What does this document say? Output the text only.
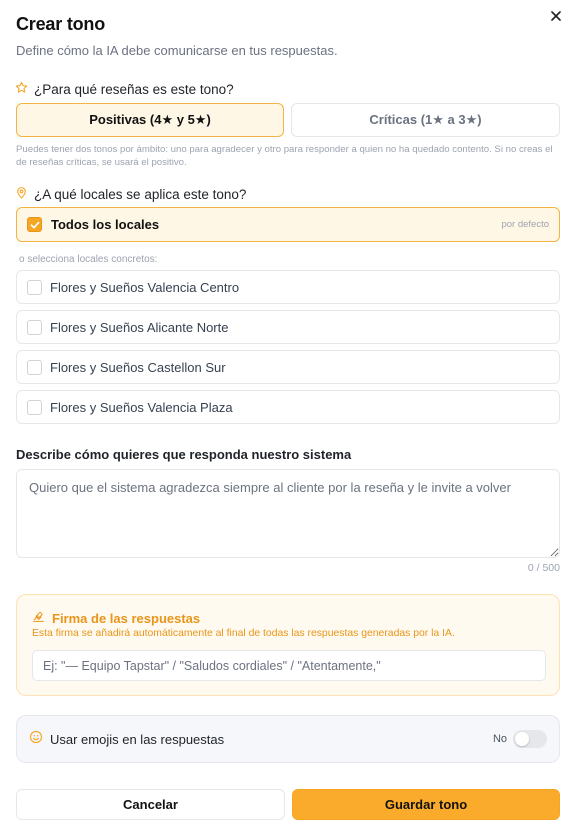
Crear tono
Define cómo la IA debe comunicarse en tus respuestas.
¿Para qué reseñas es este tono?
Positivas (4★ y 5★)	Críticas (1★ a 3★)
Puedes tener dos tonos por ámbito: uno para agradecer y otro para responder a quien no ha quedado contento. Si no creas el de reseñas críticas, se usará el positivo.
¿A qué locales se aplica este tono?
Todos los locales	por defecto
o selecciona locales concretos:
Flores y Sueños Valencia Centro
Flores y Sueños Alicante Norte
Flores y Sueños Castellon Sur
Flores y Sueños Valencia Plaza
Describe cómo quieres que responda nuestro sistema
Quiero que el sistema agradezca siempre al cliente por la reseña y le invite a volver
0 / 500
Firma de las respuestas
Esta firma se añadirá automáticamente al final de todas las respuestas generadas por la IA.
Ej: "— Equipo Tapstar" / "Saludos cordiales" / "Atentamente,"
Usar emojis en las respuestas	No
Cancelar	Guardar tono
